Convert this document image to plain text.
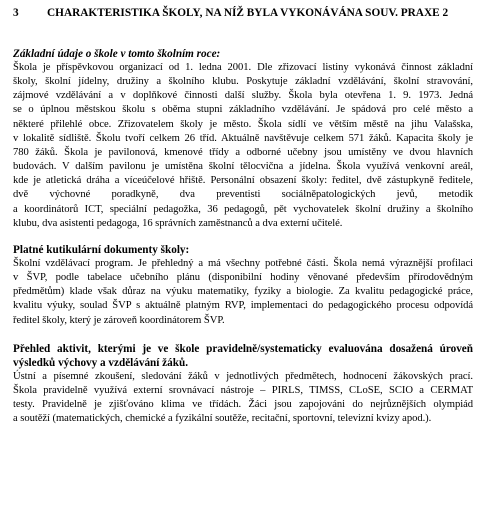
3	CHARAKTERISTIKA ŠKOLY, NA NÍŽ BYLA VYKONÁVÁNA SOUV. PRAXE 2
Základní údaje o škole v tomto školním roce:

Škola je příspěvkovou organizací od 1. ledna 2001. Dle zřizovací listiny vykonává činnost základní
školy, školní jídelny, družiny a školního klubu. Poskytuje základní vzdělávání, školní stravování,
zájmové vzdělávání a v doplňkové činnosti další služby. Škola byla otevřena 1. 9. 1973. Jedná
se o úplnou městskou školu s oběma stupni základního vzdělávání. Je spádová pro celé město a
některé přilehlé obce. Zřizovatelem školy je město. Škola sídlí ve větším městě na jihu Valašska,
v lokalitě sídliště. Školu tvoří celkem 26 tříd. Aktuálně navštěvuje celkem 571 žáků. Kapacita školy je
780 žáků. Škola je pavilonová, kmenové třídy a odborné učebny jsou umístěny ve dvou hlavních
budovách. V dalším pavilonu je umístěna školní tělocvična a jídelna. Škola využívá venkovní areál,
kde je atletická dráha a víceúčelové hřiště. Personální obsazení školy: ředitel, dvě zástupkyně ředitele,
dvě výchovné poradkyně, dva preventisti sociálněpatologických jevů, metodik
a koordinátorů ICT, speciální pedagožka, 36 pedagogů, pět vychovatelek školní družiny a školního
klubu, dva asistenti pedagoga, 16 správních zaměstnanců a dva externí učitelé.

Platné kutikulární dokumenty školy:

Školní vzdělávací program. Je přehledný a má všechny potřebné části. Škola nemá výraznější profilaci
v ŠVP, podle tabelace učebního plánu (disponibilní hodiny věnované především přírodovědným
předmětům) klade však důraz na výuku matematiky, fyziky a biologie. Za kvalitu pedagogické práce,
kvalitu výuky, soulad ŠVP s aktuálně platným RVP, implementaci do pedagogického procesu odpovídá
ředitel školy, který je zároveň koordinátorem ŠVP.

Přehled aktivit, kterými je ve škole pravidelně/systematicky evaluována dosažená úroveň výsledků výchovy a vzdělávání žáků.

Ústní a písemné zkoušení, sledování žáků v jednotlivých předmětech, hodnocení žákovských prací.
Škola pravidelně využívá externí srovnávací nástroje – PIRLS, TIMSS, CLoSE, SCIO a CERMAT
testy. Pravidelně je zjišťováno klima ve třídách. Žáci jsou zapojováni do nejrůznějších olympiád
a soutěží (matematických, chemické a fyzikální soutěže, recitační, sportovní, televizní kvizy apod.).
